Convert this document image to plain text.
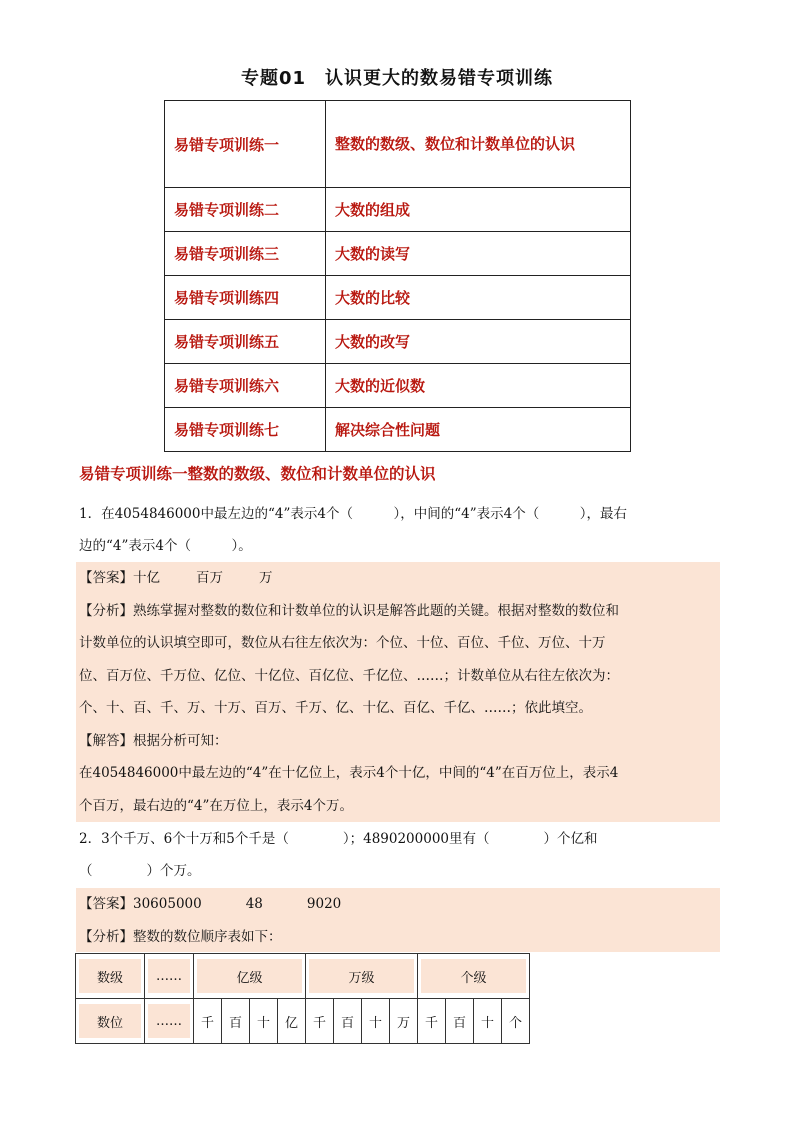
专题01　认识更大的数易错专项训练
易错专项训练一	整数的数级、数位和计数单位的认识
易错专项训练二	大数的组成
易错专项训练三	大数的读写
易错专项训练四	大数的比较
易错专项训练五	大数的改写
易错专项训练六	大数的近似数
易错专项训练七	解决综合性问题
易错专项训练一整数的数级、数位和计数单位的认识
1．在4054846000中最左边的“4”表示4个（　　　），中间的“4”表示4个（　　　），最右
边的“4”表示4个（　　　）。
【答案】十亿	百万	万
【分析】熟练掌握对整数的数位和计数单位的认识是解答此题的关键。根据对整数的数位和
计数单位的认识填空即可，数位从右往左依次为：个位、十位、百位、千位、万位、十万
位、百万位、千万位、亿位、十亿位、百亿位、千亿位、……；计数单位从右往左依次为：
个、十、百、千、万、十万、百万、千万、亿、十亿、百亿、千亿、……；依此填空。
【解答】根据分析可知：
在4054846000中最左边的“4”在十亿位上，表示4个十亿，中间的“4”在百万位上，表示4
个百万，最右边的“4”在万位上，表示4个万。
2．3个千万、6个十万和5个千是（　　　　）；4890200000里有（　　　　）个亿和
（　　　　）个万。
【答案】30605000	48	9020
【分析】整数的数位顺序表如下：
数级	……	亿级				万级				个级			

数位	……	千	百	十	亿	千	百	十	万	千	百	十	个
